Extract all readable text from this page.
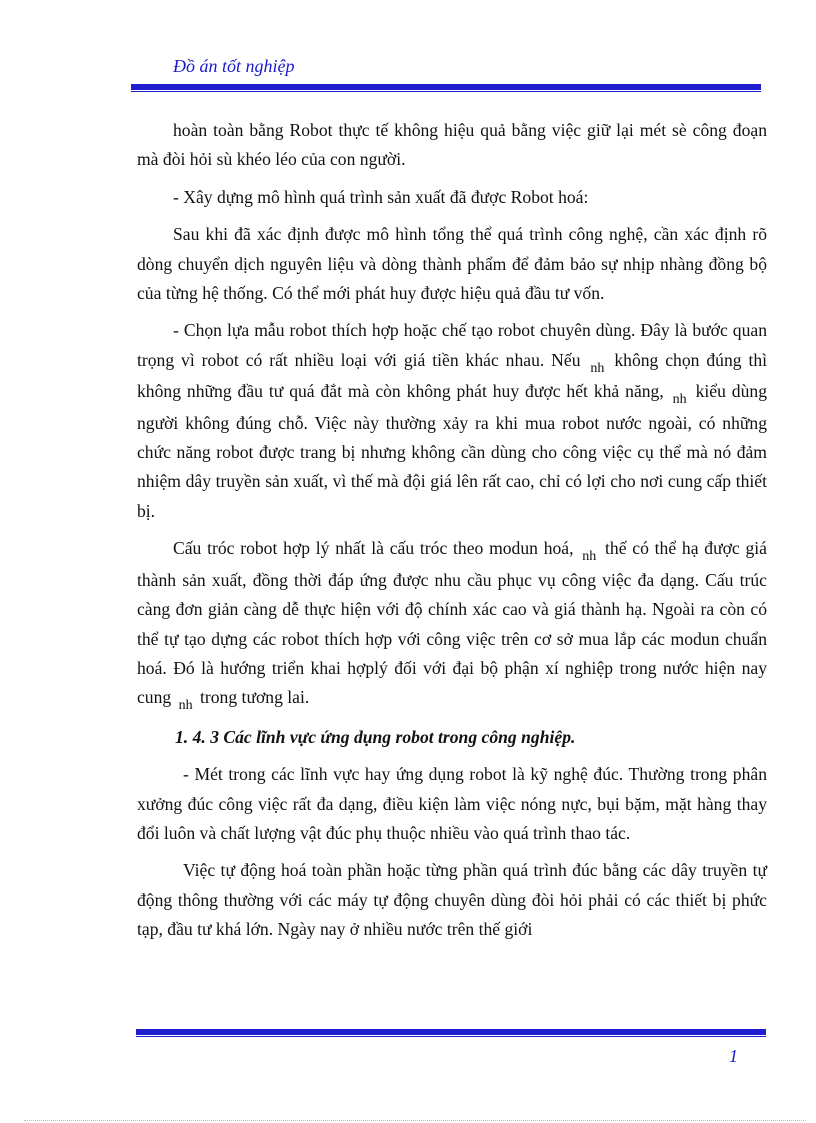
Đồ án tốt nghiệp

hoàn toàn bằng Robot thực tế không hiệu quả bằng việc giữ lại mét sè công đoạn mà đòi hỏi sù khéo léo của con người.

- Xây dựng mô hình quá trình sản xuất đã được Robot hoá:

Sau khi đã xác định được mô hình tổng thể quá trình công nghệ, cần xác định rõ dòng chuyển dịch nguyên liệu và dòng thành phẩm để đảm bảo sự nhịp nhàng đồng bộ của từng hệ thống. Có thể mới phát huy được hiệu quả đầu tư vốn.

- Chọn lựa mẫu robot thích hợp hoặc chế tạo robot chuyên dùng. Đây là bước quan trọng vì robot có rất nhiều loại với giá tiền khác nhau. Nếu $_{nh}$ không chọn đúng thì không những đầu tư quá đắt mà còn không phát huy được hết khả năng, $_{nh}$ kiểu dùng người không đúng chỗ. Việc này thường xảy ra khi mua robot nước ngoài, có những chức năng robot được trang bị nhưng không cần dùng cho công việc cụ thể mà nó đảm nhiệm dây truyền sản xuất, vì thế mà đội giá lên rất cao, chỉ có lợi cho nơi cung cấp thiết bị.

Cấu tróc robot hợp lý nhất là cấu tróc theo modun hoá, $_{nh}$ thế có thể hạ được giá thành sản xuất, đồng thời đáp ứng được nhu cầu phục vụ công việc đa dạng. Cấu trúc càng đơn giản càng dễ thực hiện với độ chính xác cao và giá thành hạ. Ngoài ra còn có thể tự tạo dựng các robot thích hợp với công việc trên cơ sở mua lắp các modun chuẩn hoá. Đó là hướng triển khai hợplý đối với đại bộ phận xí nghiệp trong nước hiện nay cung $_{nh}$ trong tương lai.

1. 4. 3 Các lĩnh vực ứng dụng robot trong công nghiệp.

- Mét trong các lĩnh vực hay ứng dụng robot là kỹ nghệ đúc. Thường trong phân xưởng đúc công việc rất đa dạng, điều kiện làm việc nóng nực, bụi bặm, mặt hàng thay đổi luôn và chất lượng vật đúc phụ thuộc nhiều vào quá trình thao tác.

Việc tự động hoá toàn phần hoặc từng phần quá trình đúc bằng các dây truyền tự động thông thường với các máy tự động chuyên dùng đòi hỏi phải có các thiết bị phức tạp, đầu tư khá lớn. Ngày nay ở nhiều nước trên thế giới

1
